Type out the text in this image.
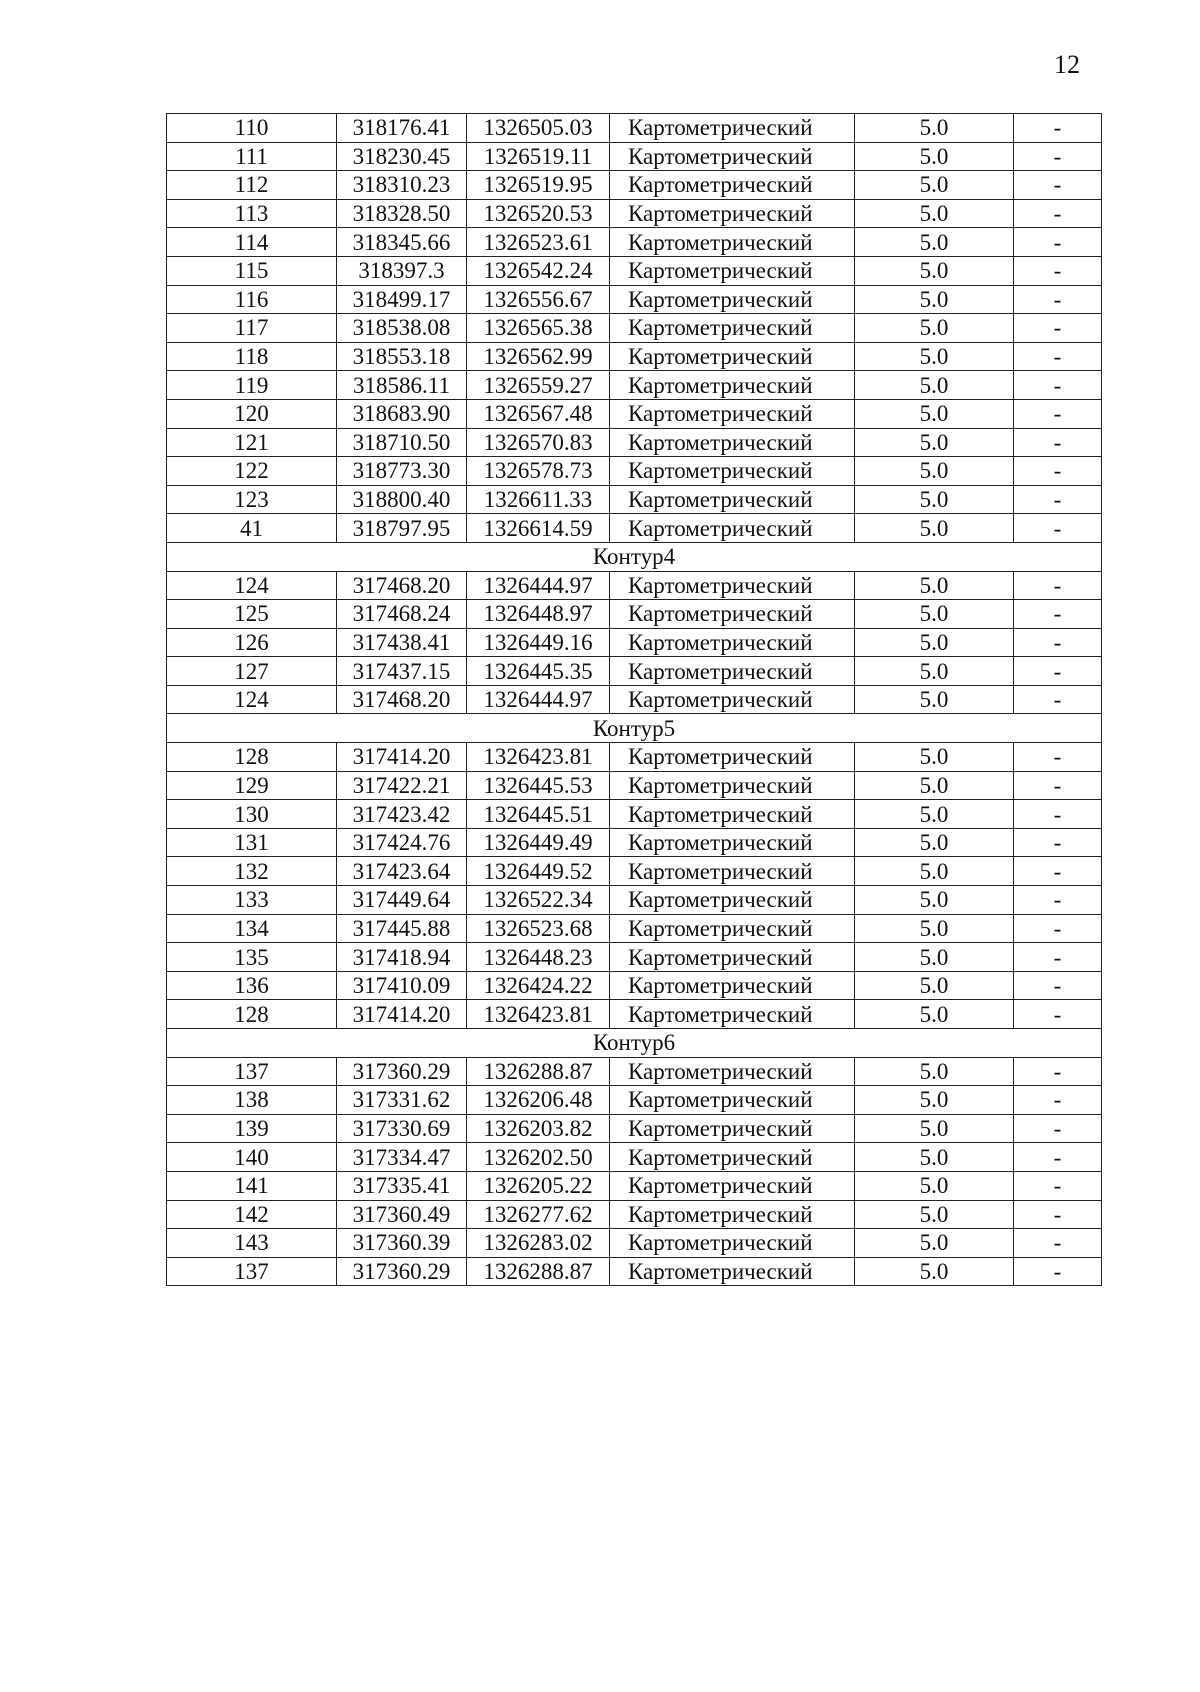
12
110	318176.41	1326505.03	Картометрический	5.0	-
111	318230.45	1326519.11	Картометрический	5.0	-
112	318310.23	1326519.95	Картометрический	5.0	-
113	318328.50	1326520.53	Картометрический	5.0	-
114	318345.66	1326523.61	Картометрический	5.0	-
115	318397.3	1326542.24	Картометрический	5.0	-
116	318499.17	1326556.67	Картометрический	5.0	-
117	318538.08	1326565.38	Картометрический	5.0	-
118	318553.18	1326562.99	Картометрический	5.0	-
119	318586.11	1326559.27	Картометрический	5.0	-
120	318683.90	1326567.48	Картометрический	5.0	-
121	318710.50	1326570.83	Картометрический	5.0	-
122	318773.30	1326578.73	Картометрический	5.0	-
123	318800.40	1326611.33	Картометрический	5.0	-
41	318797.95	1326614.59	Картометрический	5.0	-
Контур4					
124	317468.20	1326444.97	Картометрический	5.0	-
125	317468.24	1326448.97	Картометрический	5.0	-
126	317438.41	1326449.16	Картометрический	5.0	-
127	317437.15	1326445.35	Картометрический	5.0	-
124	317468.20	1326444.97	Картометрический	5.0	-
Контур5					
128	317414.20	1326423.81	Картометрический	5.0	-
129	317422.21	1326445.53	Картометрический	5.0	-
130	317423.42	1326445.51	Картометрический	5.0	-
131	317424.76	1326449.49	Картометрический	5.0	-
132	317423.64	1326449.52	Картометрический	5.0	-
133	317449.64	1326522.34	Картометрический	5.0	-
134	317445.88	1326523.68	Картометрический	5.0	-
135	317418.94	1326448.23	Картометрический	5.0	-
136	317410.09	1326424.22	Картометрический	5.0	-
128	317414.20	1326423.81	Картометрический	5.0	-
Контур6					
137	317360.29	1326288.87	Картометрический	5.0	-
138	317331.62	1326206.48	Картометрический	5.0	-
139	317330.69	1326203.82	Картометрический	5.0	-
140	317334.47	1326202.50	Картометрический	5.0	-
141	317335.41	1326205.22	Картометрический	5.0	-
142	317360.49	1326277.62	Картометрический	5.0	-
143	317360.39	1326283.02	Картометрический	5.0	-
137	317360.29	1326288.87	Картометрический	5.0	-
